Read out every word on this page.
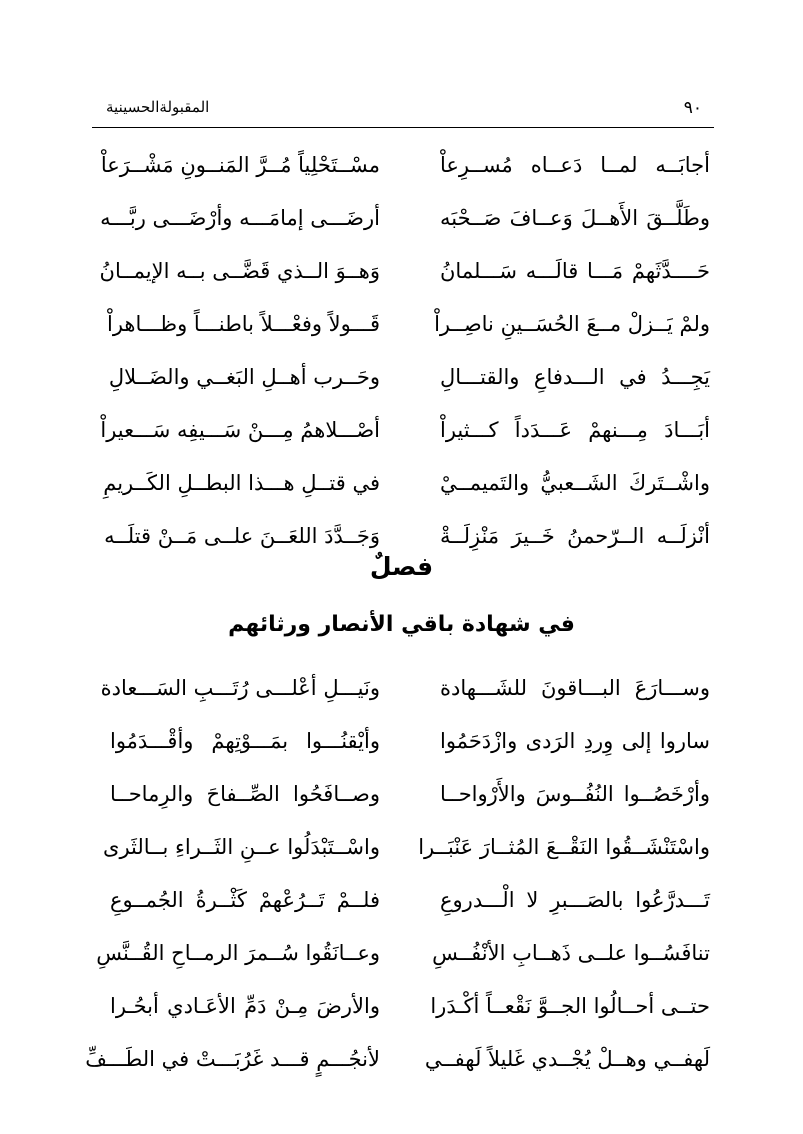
٩٠
المقبولةالحسينية
أجابَــه لمــا دَعــاه مُســرِعاْ
مسْــتَحْلِياً مُــرَّ المَنــونِ مَشْــرَعاْ
وطَلَّــقَ الأَهــلَ وَعــافَ صَــحْبَه
أرضَـــى إمامَـــه وأرْضَـــى ربَّـــه
حَــــدَّثَهمْ مَـــا قالَـــه سَـــلمانُ
وَهــوَ الــذي قَضَّــى بــه الإيمــانُ
ولمْ يَــزلْ مــعَ الحُسَــينِ ناصِــراْ
قَـــولاً وفعْـــلاً باطنـــاً وظـــاهراْ
يَجِـــدُ في الـــدفاعِ والقتـــالِ
وحَــرب أهــلِ البَغــي والضَــلالِ
أبَـــادَ مِـــنهمْ عَـــدَداً كـــثيراْ
أصْـــلاهمُ مِـــنْ سَـــيفِه سَـــعيراْ
واشْــتَركَ الشَــعبيُّ والتَميمــيْ
في قتــلِ هـــذا البطــلِ الكَــريمِ
أنْزلَــه الــرّحمنُ خَــيرَ مَنْزِلَــةْ
وَجَــدَّدَ اللعَــنَ علــى مَــنْ قتلَــه
فصلٌ
في شهادة باقي الأنصار ورثائهم
وســـارَعَ البـــاقونَ للشَـــهادة
ونَيـــلِ أعْلـــى رُتَـــبِ السَـــعادة
ساروا إلى وِردِ الرَدى وازْدَحَمُوا
وأيْقنُـــوا بمَـــوْتِهمْ وأقْـــدَمُوا
وأرْخَصُــوا النُفُــوسَ والأَرْواحــا
وصــافَحُوا الصِّــفاحَ والرِماحــا
واسْتَنْشَــقُوا النَقْــعَ المُثــارَ عَنْبَــرا
واسْــتَبْدَلُوا عــنِ الثَــراءِ بــالثَرى
تَـــدرَّعُوا بالصَـــبرِ لا الْـــدروعِ
فلــمْ تَــرُعْهمْ كَثْــرةُ الجُمــوعِ
تنافَسُــوا علــى ذَهــابِ الأنْفُــسِ
وعــانَقُوا سُــمرَ الرمــاحِ القُــنَّسِ
حتــى أحــالُوا الجــوَّ نَقْعــاً أكْـدَرا
والأرضَ مِـنْ دَمِّ الأعَـادي أبحُـرا
لَهفــي وهــلْ يُجْــدي غَليلاً لَهفــي
لأنجُـــمٍ قـــد غَرُبَـــتْ في الطَـــفِّ
